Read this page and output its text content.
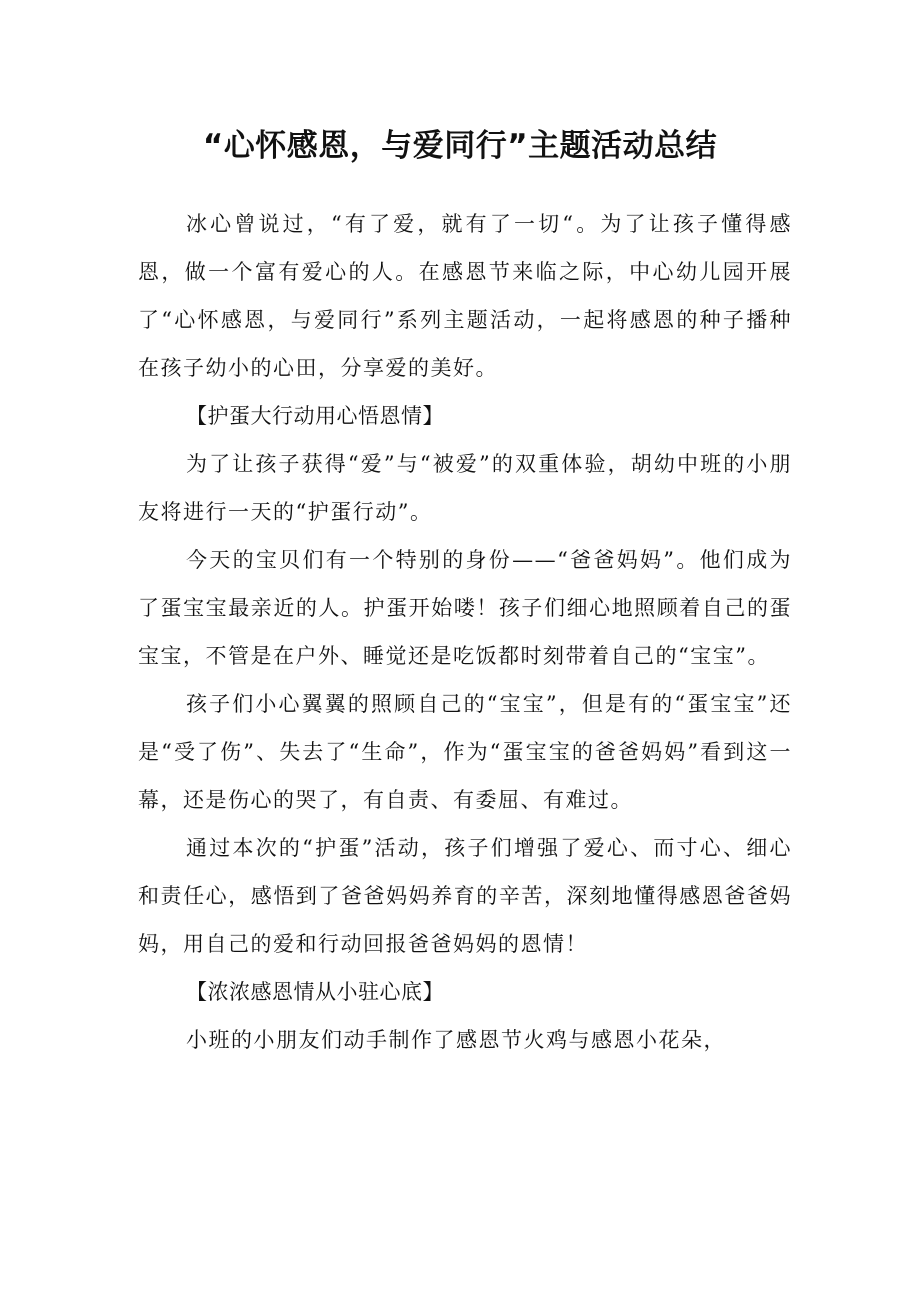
“心怀感恩，与爱同行”主题活动总结

冰心曾说过，“有了爱，就有了一切“。为了让孩子懂得感恩，做一个富有爱心的人。在感恩节来临之际，中心幼儿园开展了“心怀感恩，与爱同行”系列主题活动，一起将感恩的种子播种在孩子幼小的心田，分享爱的美好。

【护蛋大行动用心悟恩情】

为了让孩子获得“爱”与“被爱”的双重体验，胡幼中班的小朋友将进行一天的“护蛋行动”。

今天的宝贝们有一个特别的身份——“爸爸妈妈”。他们成为了蛋宝宝最亲近的人。护蛋开始喽！孩子们细心地照顾着自己的蛋宝宝，不管是在户外、睡觉还是吃饭都时刻带着自己的“宝宝”。

孩子们小心翼翼的照顾自己的“宝宝”，但是有的“蛋宝宝”还是“受了伤”、失去了“生命”，作为“蛋宝宝的爸爸妈妈”看到这一幕，还是伤心的哭了，有自责、有委屈、有难过。

通过本次的“护蛋”活动，孩子们增强了爱心、而寸心、细心和责任心，感悟到了爸爸妈妈养育的辛苦，深刻地懂得感恩爸爸妈妈，用自己的爱和行动回报爸爸妈妈的恩情！

【浓浓感恩情从小驻心底】

小班的小朋友们动手制作了感恩节火鸡与感恩小花朵，
